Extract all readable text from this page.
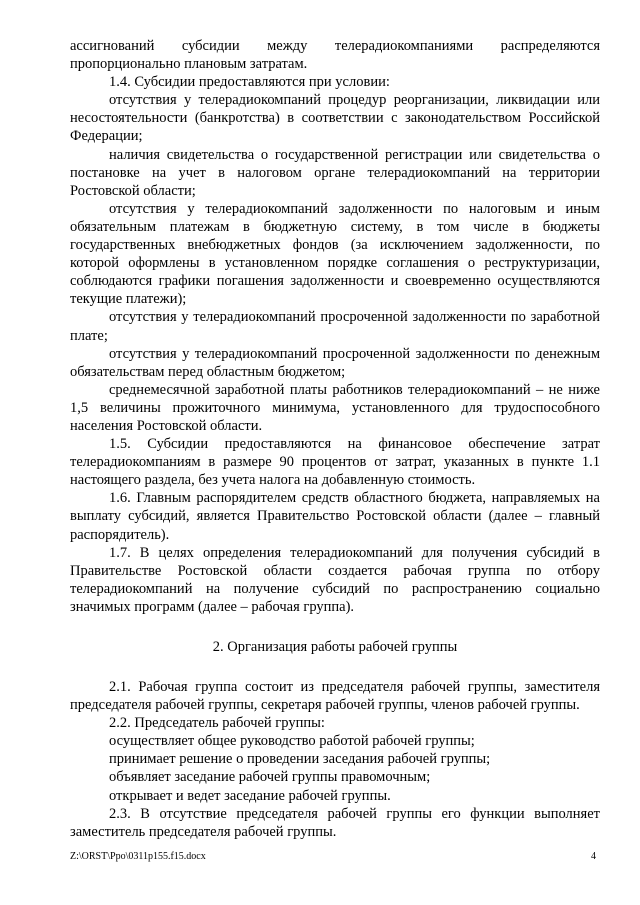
ассигнований субсидии между телерадиокомпаниями распределяются пропорционально плановым затратам.

1.4. Субсидии предоставляются при условии:

отсутствия у телерадиокомпаний процедур реорганизации, ликвидации или несостоятельности (банкротства) в соответствии с законодательством Российской Федерации;

наличия свидетельства о государственной регистрации или свидетельства о постановке на учет в налоговом органе телерадиокомпаний на территории Ростовской области;

отсутствия у телерадиокомпаний задолженности по налоговым и иным обязательным платежам в бюджетную систему, в том числе в бюджеты государственных внебюджетных фондов (за исключением задолженности, по которой оформлены в установленном порядке соглашения о реструктуризации, соблюдаются графики погашения задолженности и своевременно осуществляются текущие платежи);

отсутствия у телерадиокомпаний просроченной задолженности по заработной плате;

отсутствия у телерадиокомпаний просроченной задолженности по денежным обязательствам перед областным бюджетом;

среднемесячной заработной платы работников телерадиокомпаний – не ниже 1,5 величины прожиточного минимума, установленного для трудоспособного населения Ростовской области.

1.5. Субсидии предоставляются на финансовое обеспечение затрат телерадиокомпаниям в размере 90 процентов от затрат, указанных в пункте 1.1 настоящего раздела, без учета налога на добавленную стоимость.

1.6. Главным распорядителем средств областного бюджета, направляемых на выплату субсидий, является Правительство Ростовской области (далее – главный распорядитель).

1.7. В целях определения телерадиокомпаний для получения субсидий в Правительстве Ростовской области создается рабочая группа по отбору телерадиокомпаний на получение субсидий по распространению социально значимых программ (далее – рабочая группа).

2. Организация работы рабочей группы

2.1. Рабочая группа состоит из председателя рабочей группы, заместителя председателя рабочей группы, секретаря рабочей группы, членов рабочей группы.

2.2. Председатель рабочей группы:

осуществляет общее руководство работой рабочей группы;

принимает решение о проведении заседания рабочей группы;

объявляет заседание рабочей группы правомочным;

открывает и ведет заседание рабочей группы.

2.3. В отсутствие председателя рабочей группы его функции выполняет заместитель председателя рабочей группы.

Z:\ORST\Ppo\0311p155.f15.docx	4
